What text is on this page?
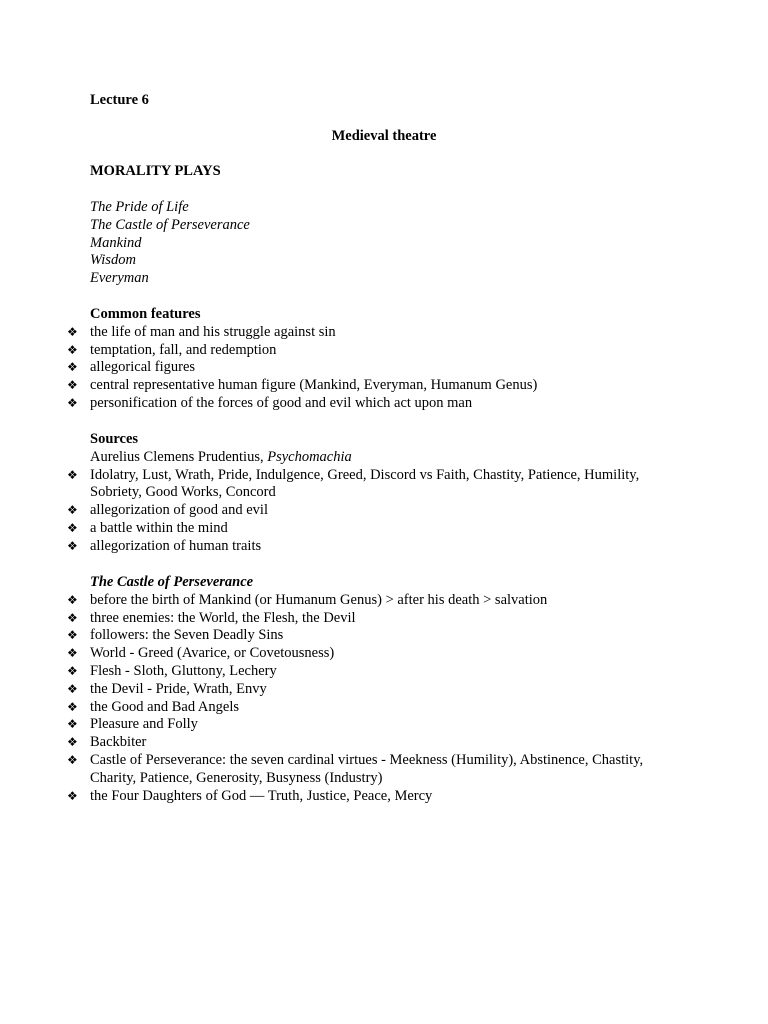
Lecture 6
Medieval theatre
MORALITY PLAYS
The Pride of Life
The Castle of Perseverance
Mankind
Wisdom
Everyman
Common features
❖ the life of man and his struggle against sin
❖ temptation, fall, and redemption
❖ allegorical figures
❖ central representative human figure (Mankind, Everyman, Humanum Genus)
❖ personification of the forces of good and evil which act upon man
Sources
Aurelius Clemens Prudentius, Psychomachia
❖ Idolatry, Lust, Wrath, Pride, Indulgence, Greed, Discord vs Faith, Chastity, Patience, Humility,
Sobriety, Good Works, Concord
❖ allegorization of good and evil
❖ a battle within the mind
❖ allegorization of human traits
The Castle of Perseverance
❖ before the birth of Mankind (or Humanum Genus) > after his death > salvation
❖ three enemies: the World, the Flesh, the Devil
❖ followers: the Seven Deadly Sins
❖ World - Greed (Avarice, or Covetousness)
❖ Flesh - Sloth, Gluttony, Lechery
❖ the Devil - Pride, Wrath, Envy
❖ the Good and Bad Angels
❖ Pleasure and Folly
❖ Backbiter
❖ Castle of Perseverance: the seven cardinal virtues - Meekness (Humility), Abstinence, Chastity,
Charity, Patience, Generosity, Busyness (Industry)
❖ the Four Daughters of God — Truth, Justice, Peace, Mercy
